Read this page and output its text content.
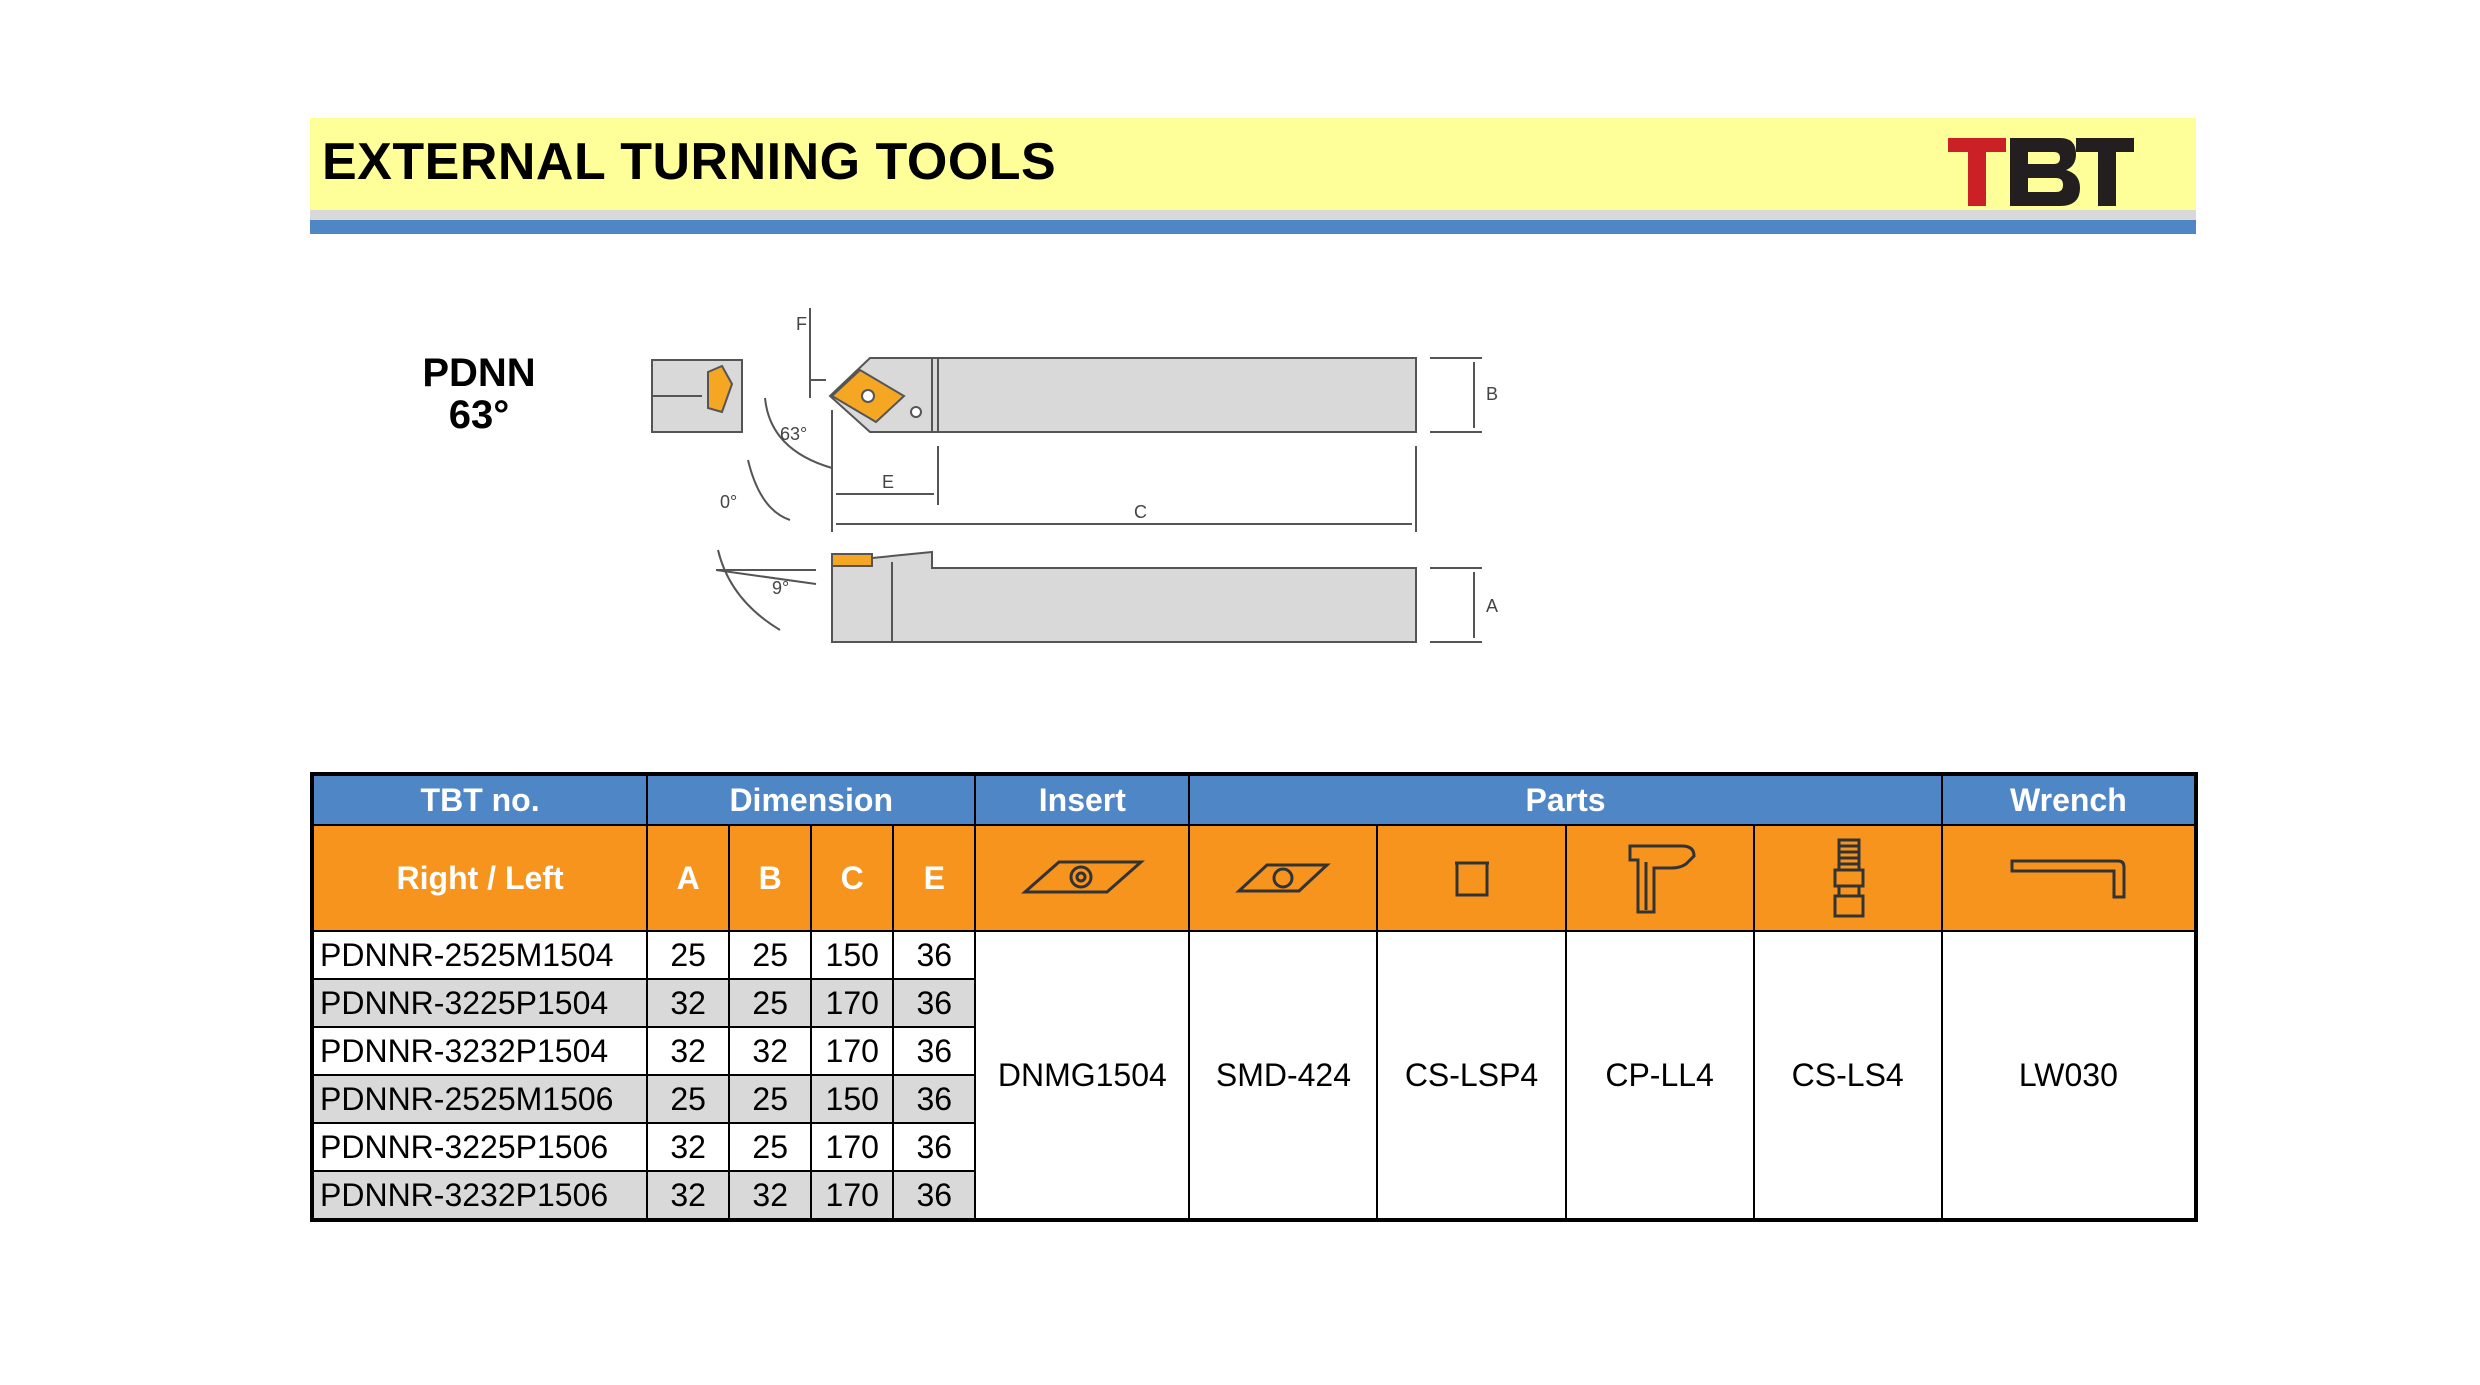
EXTERNAL TURNING TOOLS
PDNN
63°
F
B
E
C
A
63°
0°
9°
TBT no.	Dimension				Insert	Parts				Wrench
Right / Left	A	B	C	E	

PDNNR-2525M1504	25	25	150	36	DNMG1504	SMD-424	CS-LSP4	CP-LL4	CS-LS4	LW030
PDNNR-3225P1504	32	25	170	36						
PDNNR-3232P1504	32	32	170	36						
PDNNR-2525M1506	25	25	150	36						
PDNNR-3225P1506	32	25	170	36						
PDNNR-3232P1506	32	32	170	36						
